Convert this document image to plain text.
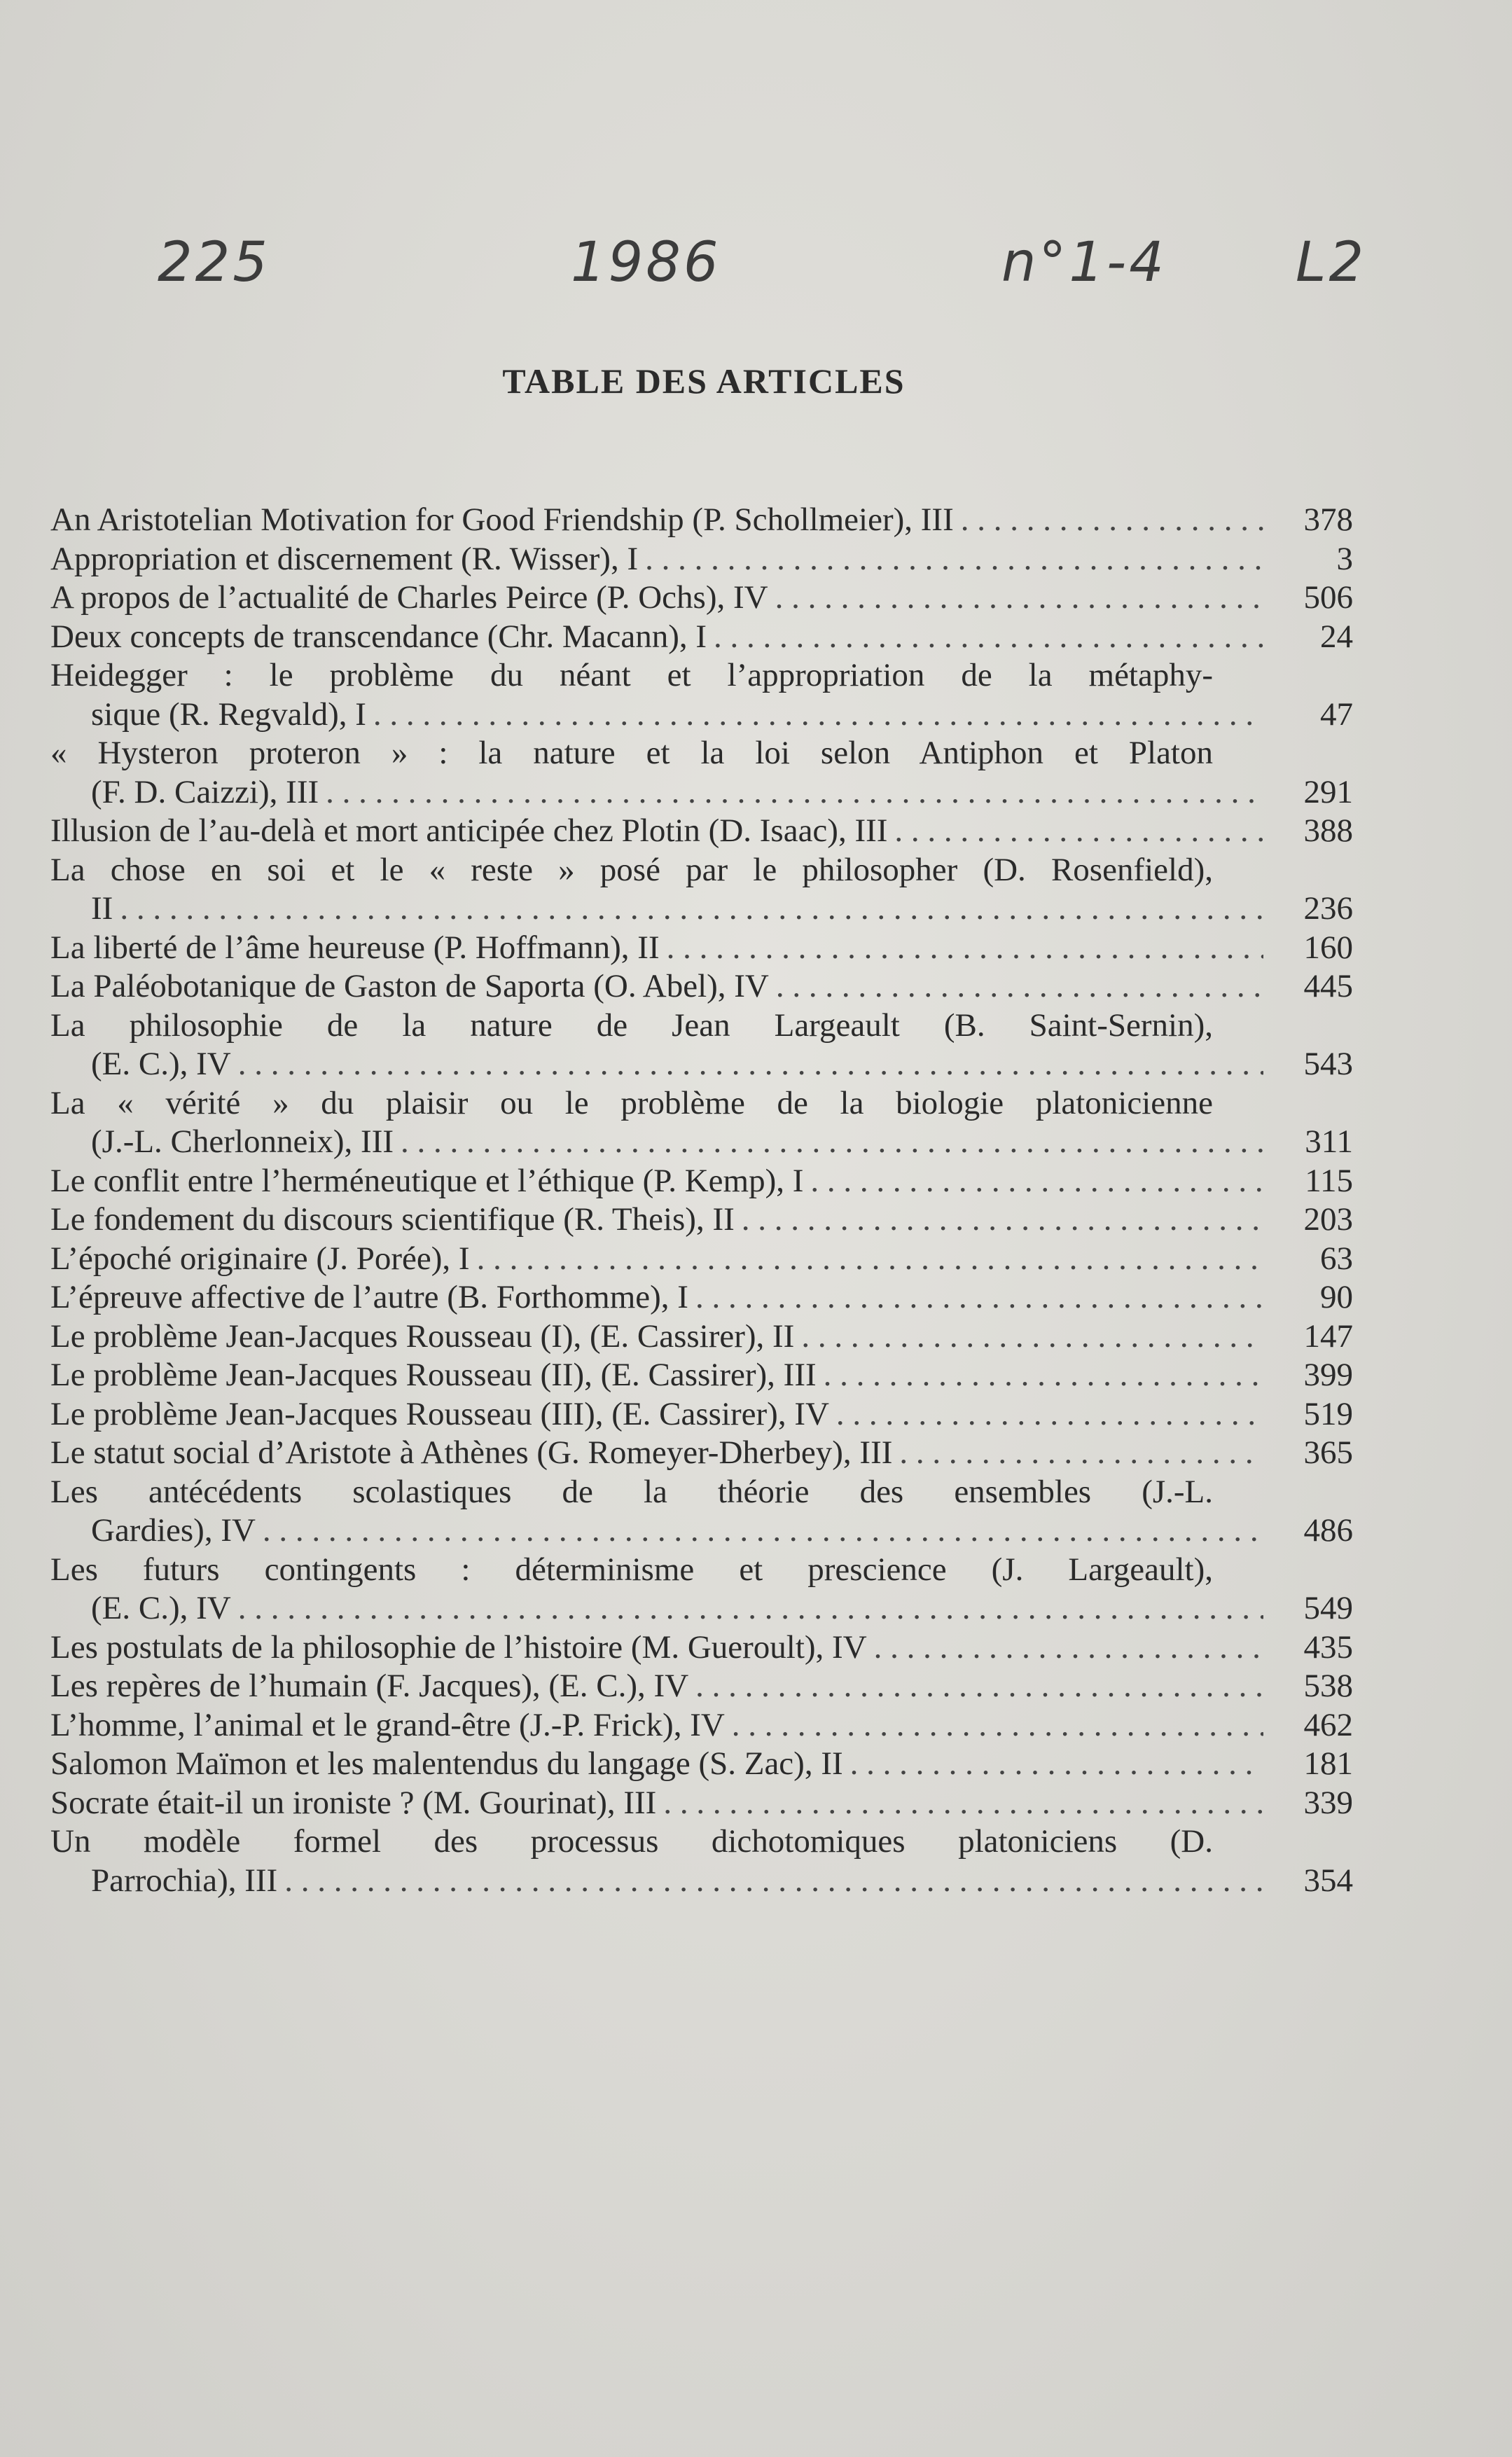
225	1986	n°1-4 L2
TABLE DES ARTICLES
An Aristotelian Motivation for Good Friendship (P. Schollmeier), III . . .	378
Appropriation et discernement (R. Wisser), I . . .	3
A propos de l’actualité de Charles Peirce (P. Ochs), IV . . .	506
Deux concepts de transcendance (Chr. Macann), I . . .	24
Heidegger : le problème du néant et l’appropriation de la métaphy-
sique (R. Regvald), I . . .	47
« Hysteron proteron » : la nature et la loi selon Antiphon et Platon
(F. D. Caizzi), III . . .	291
Illusion de l’au-delà et mort anticipée chez Plotin (D. Isaac), III . . .	388
La chose en soi et le « reste » posé par le philosopher (D. Rosenfield),
II . . .	236
La liberté de l’âme heureuse (P. Hoffmann), II . . .	160
La Paléobotanique de Gaston de Saporta (O. Abel), IV . . .	445
La philosophie de la nature de Jean Largeault (B. Saint-Sernin),
(E. C.), IV . . .	543
La « vérité » du plaisir ou le problème de la biologie platonicienne
(J.-L. Cherlonneix), III . . .	311
Le conflit entre l’herméneutique et l’éthique (P. Kemp), I . . .	115
Le fondement du discours scientifique (R. Theis), II . . .	203
L’époché originaire (J. Porée), I . . .	63
L’épreuve affective de l’autre (B. Forthomme), I . . .	90
Le problème Jean-Jacques Rousseau (I), (E. Cassirer), II . . .	147
Le problème Jean-Jacques Rousseau (II), (E. Cassirer), III . . .	399
Le problème Jean-Jacques Rousseau (III), (E. Cassirer), IV . . .	519
Le statut social d’Aristote à Athènes (G. Romeyer-Dherbey), III . . .	365
Les antécédents scolastiques de la théorie des ensembles (J.-L.
Gardies), IV . . .	486
Les futurs contingents : déterminisme et prescience (J. Largeault),
(E. C.), IV . . .	549
Les postulats de la philosophie de l’histoire (M. Gueroult), IV . . .	435
Les repères de l’humain (F. Jacques), (E. C.), IV . . .	538
L’homme, l’animal et le grand-être (J.-P. Frick), IV . . .	462
Salomon Maïmon et les malentendus du langage (S. Zac), II . . .	181
Socrate était-il un ironiste ? (M. Gourinat), III . . .	339
Un modèle formel des processus dichotomiques platoniciens (D.
Parrochia), III . . .	354
